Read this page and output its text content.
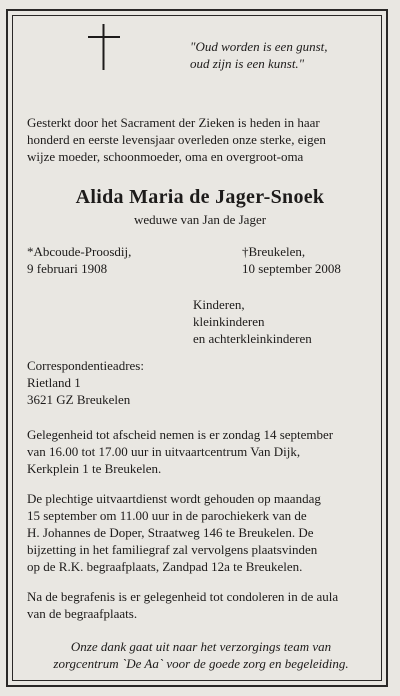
"Oud worden is een gunst,
oud zijn is een kunst."
Gesterkt door het Sacrament der Zieken is heden in haar
honderd en eerste levensjaar overleden onze sterke, eigen
wijze moeder, schoonmoeder, oma en overgroot-oma
Alida Maria de Jager-Snoek
weduwe van Jan de Jager
*Abcoude-Proosdij,
9 februari 1908
†Breukelen,
10 september 2008
Kinderen,
kleinkinderen
en achterkleinkinderen
Correspondentieadres:
Rietland 1
3621 GZ Breukelen
Gelegenheid tot afscheid nemen is er zondag 14 september
van 16.00 tot 17.00 uur in uitvaartcentrum Van Dijk,
Kerkplein 1 te Breukelen.
De plechtige uitvaartdienst wordt gehouden op maandag
15 september om 11.00 uur in de parochiekerk van de
H. Johannes de Doper, Straatweg 146 te Breukelen. De
bijzetting in het familiegraf zal vervolgens plaatsvinden
op de R.K. begraafplaats, Zandpad 12a te Breukelen.
Na de begrafenis is er gelegenheid tot condoleren in de aula
van de begraafplaats.
Onze dank gaat uit naar het verzorgings team van
zorgcentrum `De Aa` voor de goede zorg en begeleiding.
